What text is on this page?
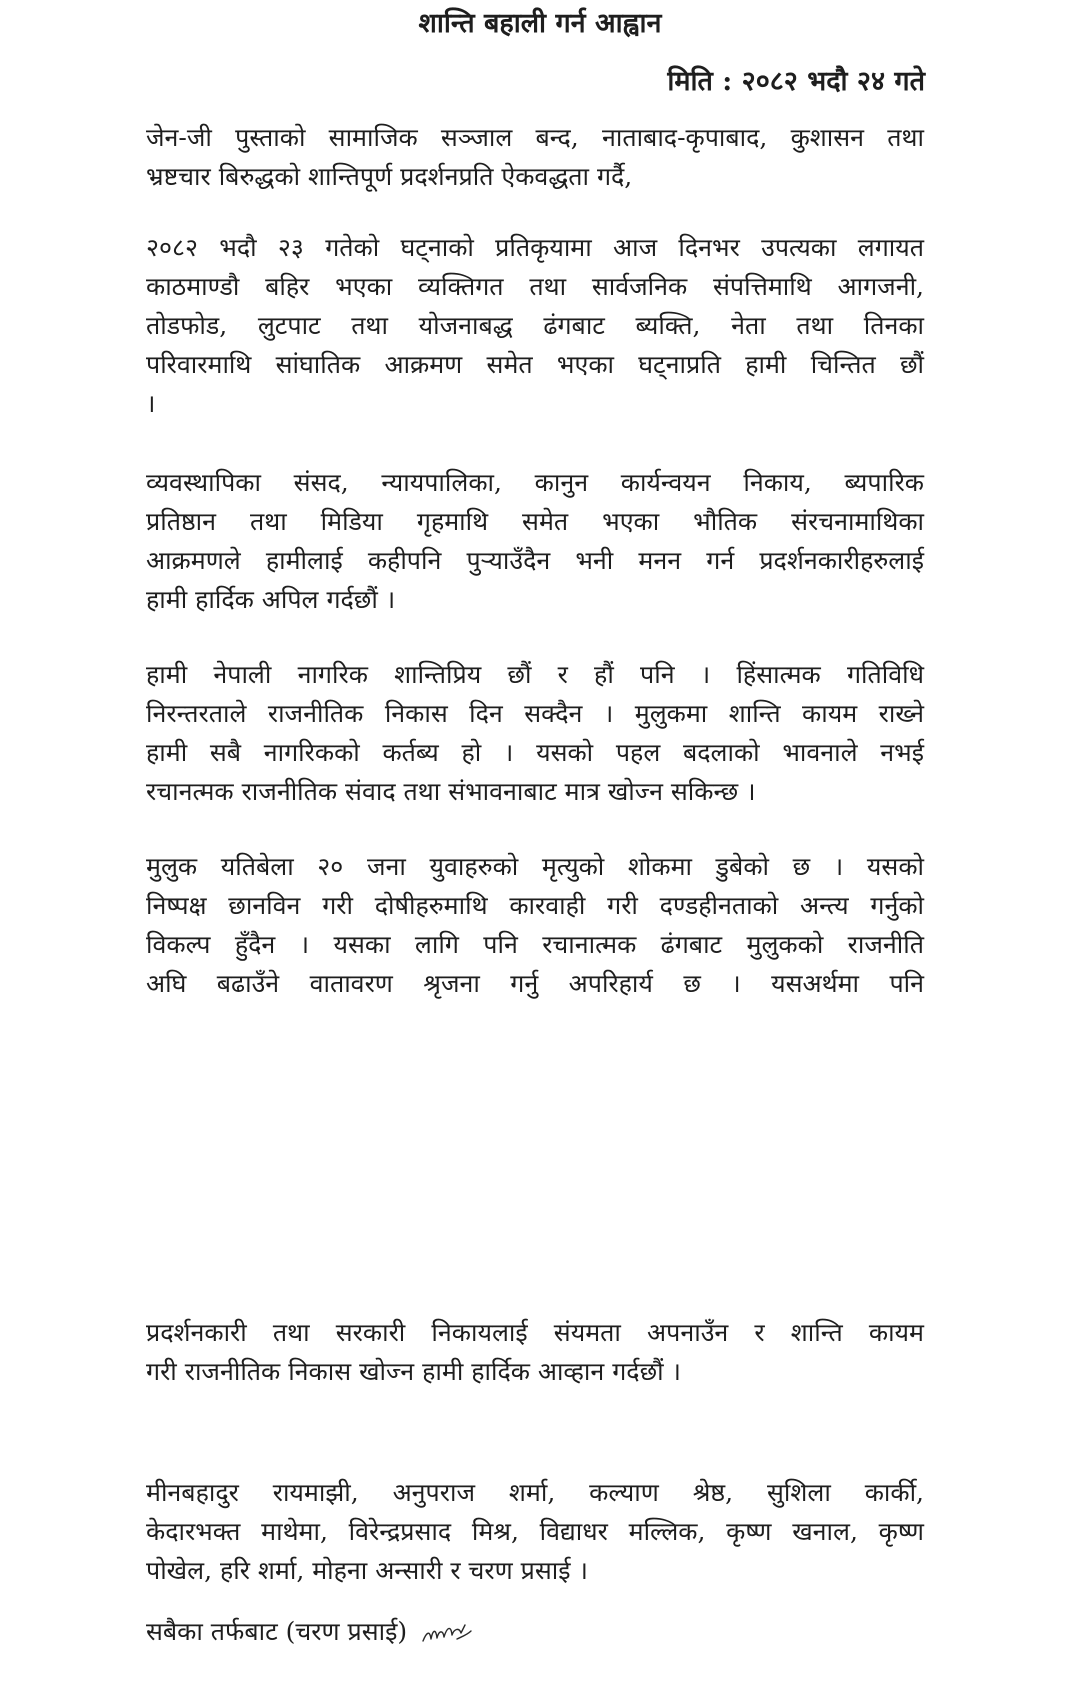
शान्ति बहाली गर्न आह्वान
मिति : २०८२ भदौ २४ गते

जेन-जी पुस्ताको सामाजिक सञ्जाल बन्द, नाताबाद-कृपाबाद, कुशासन तथा
भ्रष्टचार बिरुद्धको शान्तिपूर्ण प्रदर्शनप्रति ऐकवद्धता गर्दै,

२०८२ भदौ २३ गतेको घट्नाको प्रतिकृयामा आज दिनभर उपत्यका लगायत
काठमाण्डौ बहिर भएका व्यक्तिगत तथा सार्वजनिक संपत्तिमाथि आगजनी,
तोडफोड, लुटपाट तथा योजनाबद्ध ढंगबाट ब्यक्ति, नेता तथा तिनका
परिवारमाथि सांघातिक आक्रमण समेत भएका घट्नाप्रति हामी चिन्तित छौं
।

व्यवस्थापिका संसद, न्यायपालिका, कानुन कार्यन्वयन निकाय, ब्यपारिक
प्रतिष्ठान तथा मिडिया गृहमाथि समेत भएका भौतिक संरचनामाथिका
आक्रमणले हामीलाई कहीपनि पुऱ्याउँदैन भनी मनन गर्न प्रदर्शनकारीहरुलाई
हामी हार्दिक अपिल गर्दछौं ।

हामी नेपाली नागरिक शान्तिप्रिय छौं र हौं पनि । हिंसात्मक गतिविधि
निरन्तरताले राजनीतिक निकास दिन सक्दैन । मुलुकमा शान्ति कायम राख्ने
हामी सबै नागरिकको कर्तब्य हो । यसको पहल बदलाको भावनाले नभई
रचानत्मक राजनीतिक संवाद तथा संभावनाबाट मात्र खोज्न सकिन्छ ।

मुलुक यतिबेला २० जना युवाहरुको मृत्युको शोकमा डुबेको छ । यसको
निष्पक्ष छानविन गरी दोषीहरुमाथि कारवाही गरी दण्डहीनताको अन्त्य गर्नुको
विकल्प हुँदैन । यसका लागि पनि रचानात्मक ढंगबाट मुलुकको राजनीति
अघि बढाउँने वातावरण श्रृजना गर्नु अपरिहार्य छ । यसअर्थमा पनि

प्रदर्शनकारी तथा सरकारी निकायलाई संयमता अपनाउँन र शान्ति कायम
गरी राजनीतिक निकास खोज्न हामी हार्दिक आव्हान गर्दछौं ।

मीनबहादुर रायमाझी, अनुपराज शर्मा, कल्याण श्रेष्ठ, सुशिला कार्की,
केदारभक्त माथेमा, विरेन्द्रप्रसाद मिश्र, विद्याधर मल्लिक, कृष्ण खनाल, कृष्ण
पोखेल, हरि शर्मा, मोहना अन्सारी र चरण प्रसाई ।

सबैका तर्फबाट (चरण प्रसाई)
